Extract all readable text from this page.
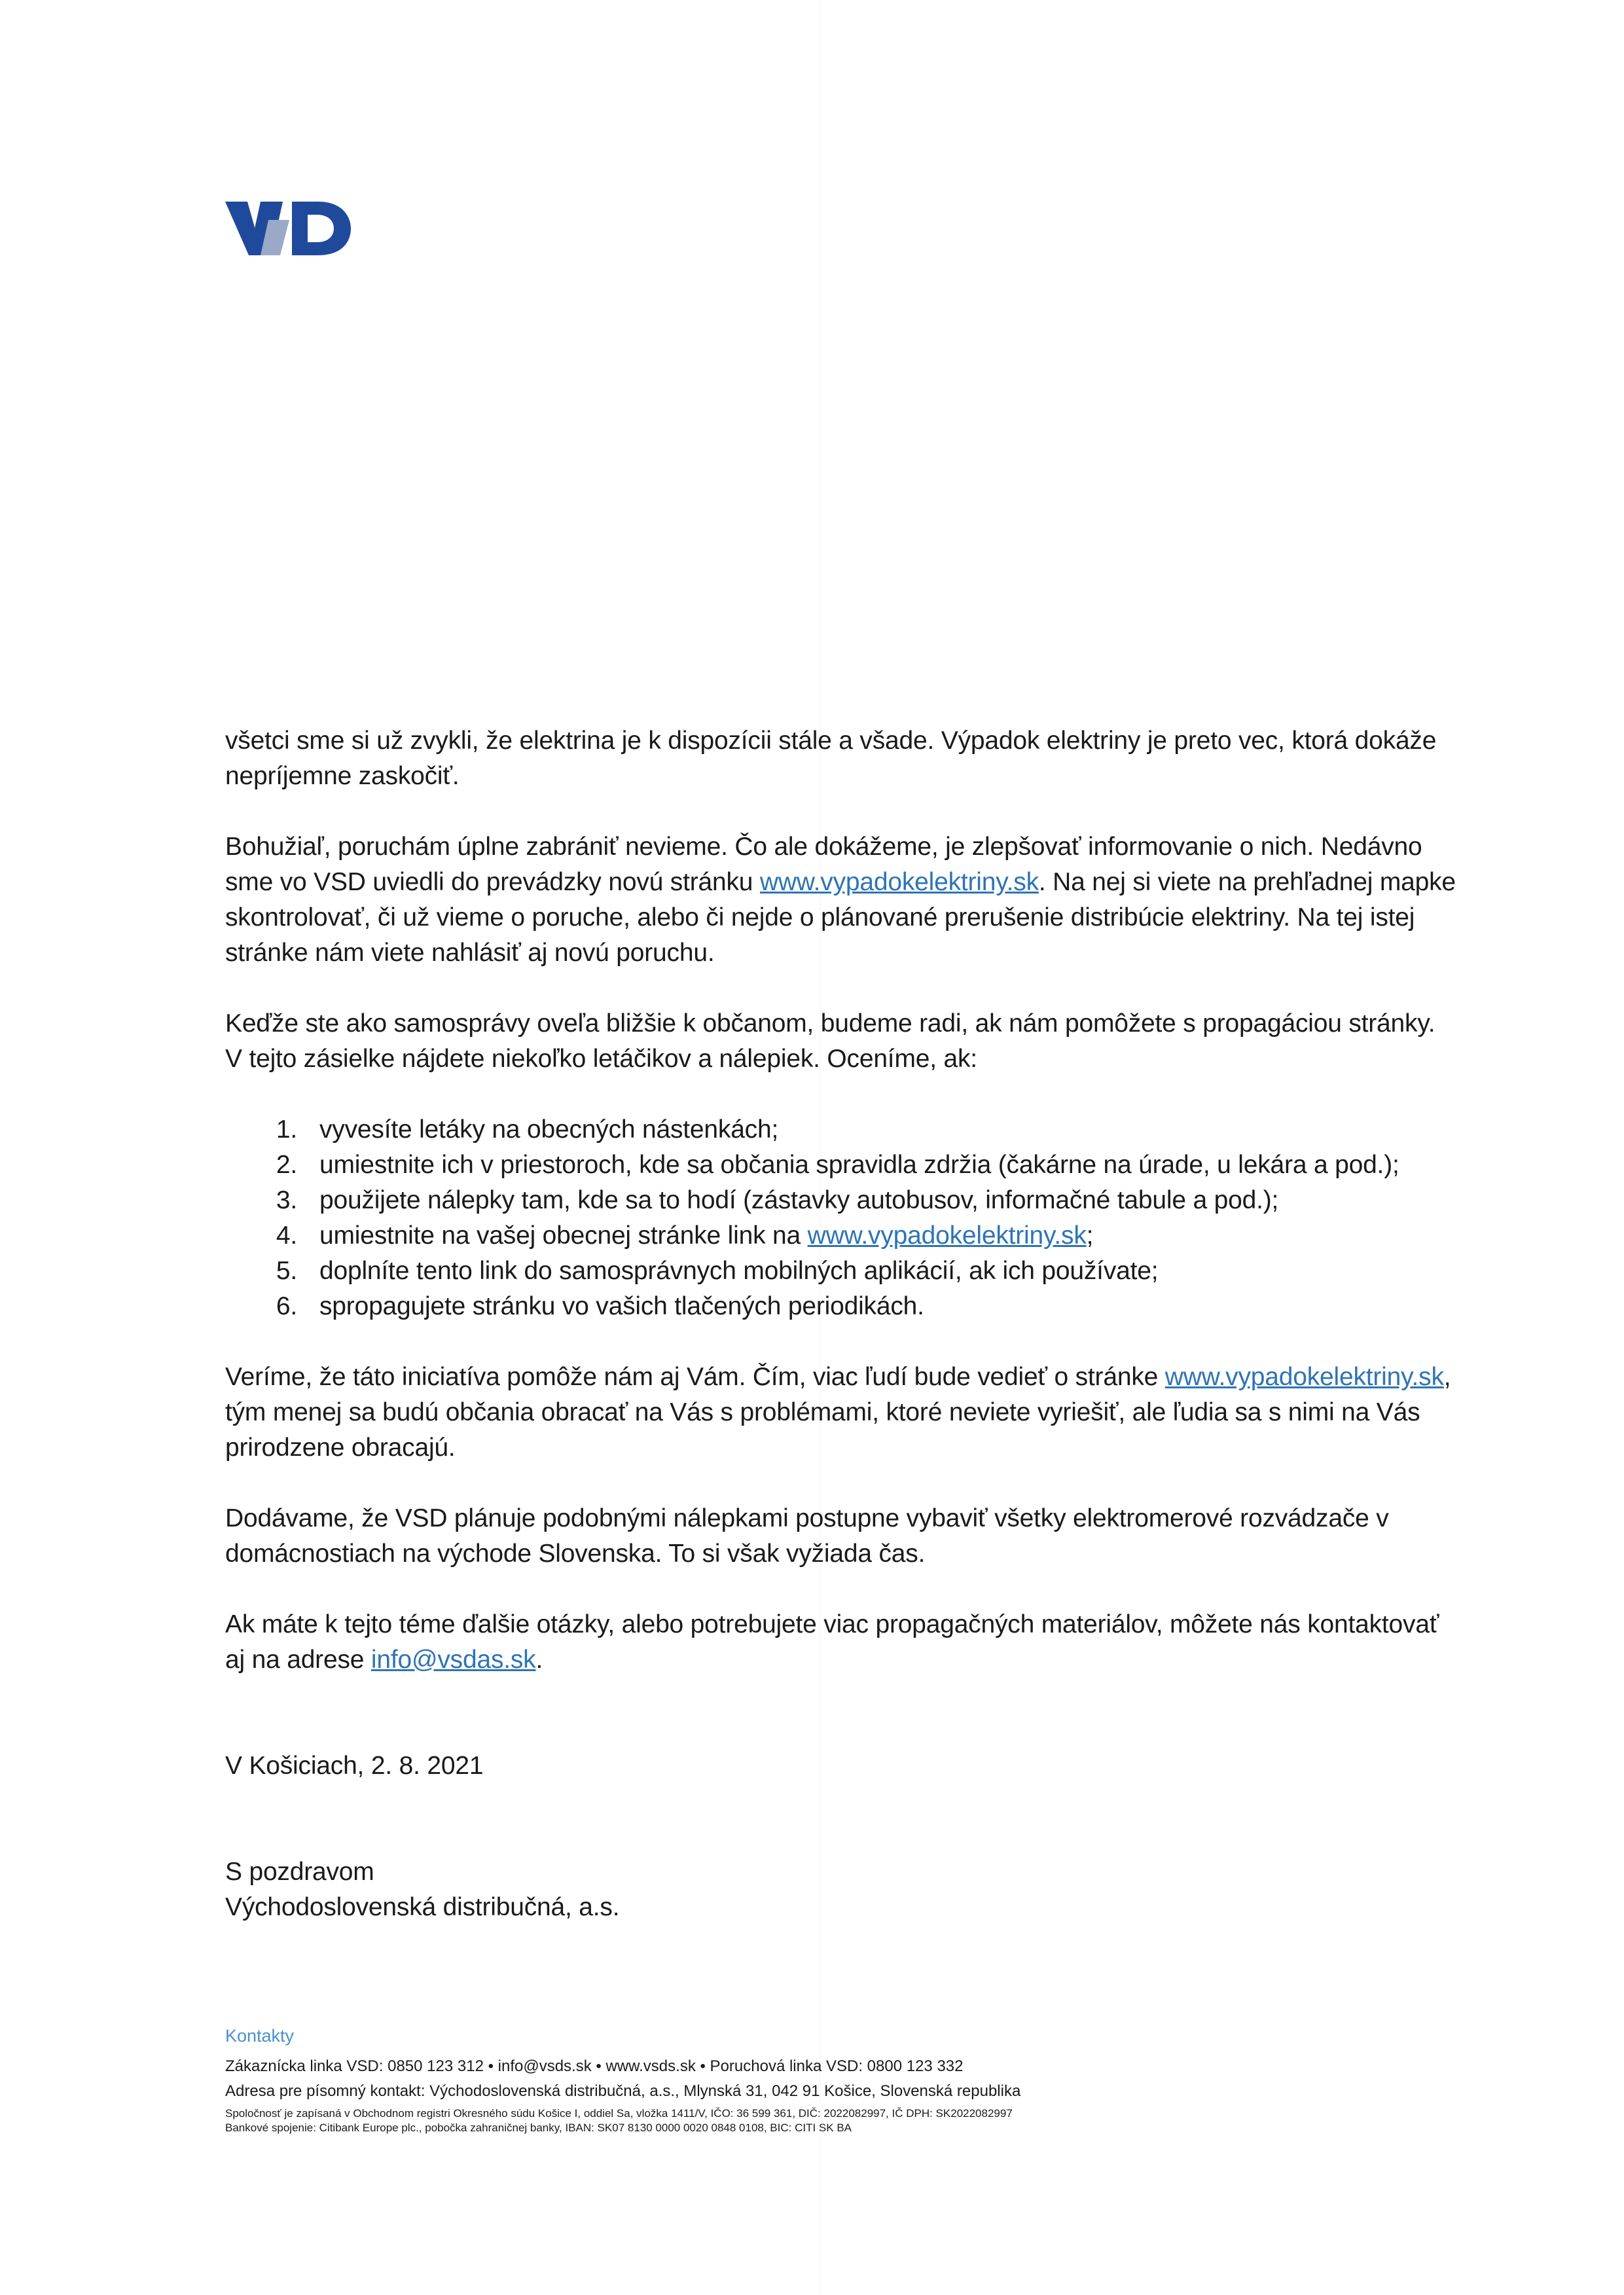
všetci sme si už zvykli, že elektrina je k dispozícii stále a všade. Výpadok elektriny je preto vec, ktorá dokáže nepríjemne zaskočiť.

Bohužiaľ, poruchám úplne zabrániť nevieme. Čo ale dokážeme, je zlepšovať informovanie o nich. Nedávno sme vo VSD uviedli do prevádzky novú stránku www.vypadokelektriny.sk. Na nej si viete na prehľadnej mapke skontrolovať, či už vieme o poruche, alebo či nejde o plánované prerušenie distribúcie elektriny. Na tej istej stránke nám viete nahlásiť aj novú poruchu.

Keďže ste ako samosprávy oveľa bližšie k občanom, budeme radi, ak nám pomôžete s propagáciou stránky. V tejto zásielke nájdete niekoľko letáčikov a nálepiek. Oceníme, ak:

1. vyvesíte letáky na obecných nástenkách;
2. umiestnite ich v priestoroch, kde sa občania spravidla zdržia (čakárne na úrade, u lekára a pod.);
3. použijete nálepky tam, kde sa to hodí (zástavky autobusov, informačné tabule a pod.);
4. umiestnite na vašej obecnej stránke link na www.vypadokelektriny.sk;
5. doplníte tento link do samosprávnych mobilných aplikácií, ak ich používate;
6. spropagujete stránku vo vašich tlačených periodikách.

Veríme, že táto iniciatíva pomôže nám aj Vám. Čím, viac ľudí bude vedieť o stránke www.vypadokelektriny.sk, tým menej sa budú občania obracať na Vás s problémami, ktoré neviete vyriešiť, ale ľudia sa s nimi na Vás prirodzene obracajú.

Dodávame, že VSD plánuje podobnými nálepkami postupne vybaviť všetky elektromerové rozvádzače v domácnostiach na východe Slovenska. To si však vyžiada čas.

Ak máte k tejto téme ďalšie otázky, alebo potrebujete viac propagačných materiálov, môžete nás kontaktovať aj na adrese info@vsdas.sk.

V Košiciach, 2. 8. 2021

S pozdravom

Východoslovenská distribučná, a.s.

Kontakty

Zákaznícka linka VSD: 0850 123 312 • info@vsds.sk • www.vsds.sk • Poruchová linka VSD: 0800 123 332

Adresa pre písomný kontakt: Východoslovenská distribučná, a.s., Mlynská 31, 042 91 Košice, Slovenská republika

Spoločnosť je zapísaná v Obchodnom registri Okresného súdu Košice I, oddiel Sa, vložka 1411/V, IČO: 36 599 361, DIČ: 2022082997, IČ DPH: SK2022082997

Bankové spojenie: Citibank Europe plc., pobočka zahraničnej banky, IBAN: SK07 8130 0000 0020 0848 0108, BIC: CITI SK BA
